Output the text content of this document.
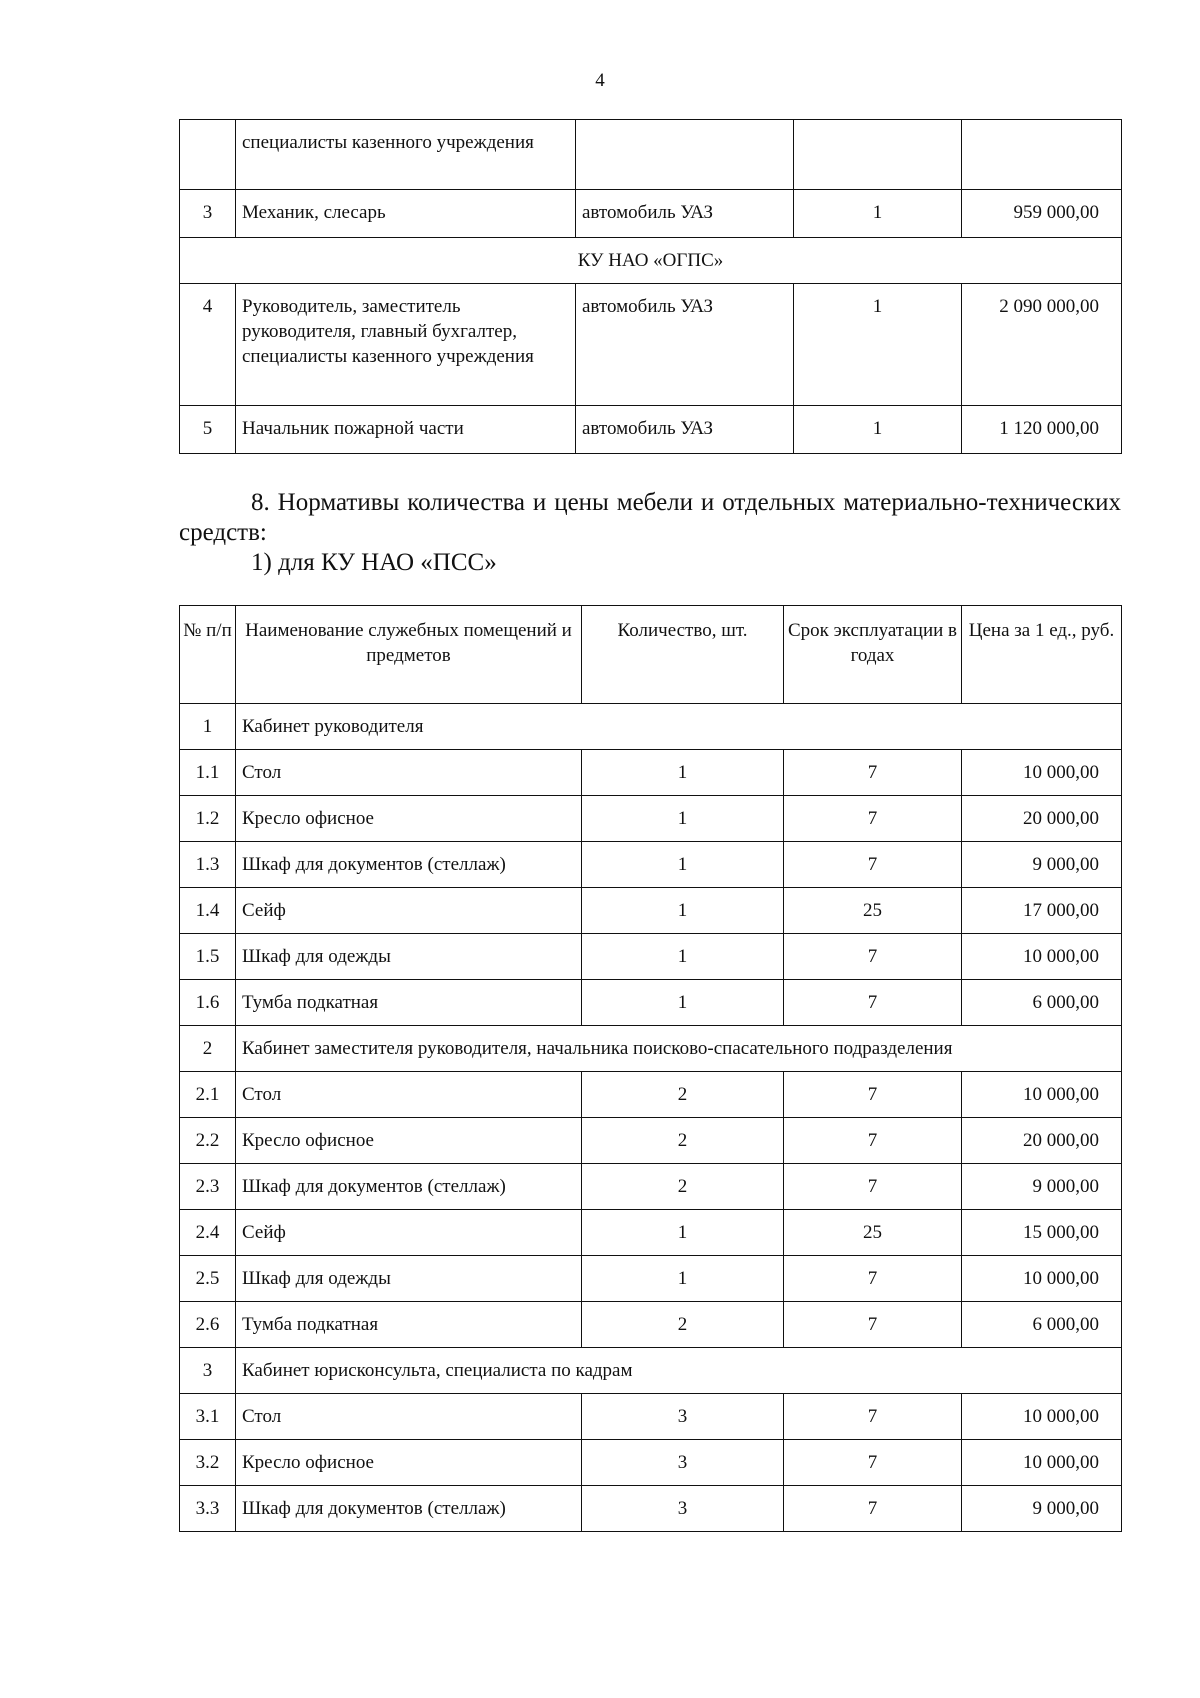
4
	специалисты казенного учреждения			
3	Механик, слесарь	автомобиль УАЗ	1	959 000,00
КУ НАО «ОГПС»				
4	Руководитель, заместитель руководителя, главный бухгалтер, специалисты казенного учреждения	автомобиль УАЗ	1	2 090 000,00
5	Начальник пожарной части	автомобиль УАЗ	1	1 120 000,00
8. Нормативы количества и цены мебели и отдельных материально-технических средств:
1) для КУ НАО «ПСС»
№ п/п	Наименование служебных помещений и предметов	Количество, шт.	Срок эксплуатации в годах	Цена за 1 ед., руб.
1	Кабинет руководителя			
1.1	Стол	1	7	10 000,00
1.2	Кресло офисное	1	7	20 000,00
1.3	Шкаф для документов (стеллаж)	1	7	9 000,00
1.4	Сейф	1	25	17 000,00
1.5	Шкаф для одежды	1	7	10 000,00
1.6	Тумба подкатная	1	7	6 000,00
2	Кабинет заместителя руководителя, начальника поисково-спасательного подразделения			
2.1	Стол	2	7	10 000,00
2.2	Кресло офисное	2	7	20 000,00
2.3	Шкаф для документов (стеллаж)	2	7	9 000,00
2.4	Сейф	1	25	15 000,00
2.5	Шкаф для одежды	1	7	10 000,00
2.6	Тумба подкатная	2	7	6 000,00
3	Кабинет юрисконсульта, специалиста по кадрам			
3.1	Стол	3	7	10 000,00
3.2	Кресло офисное	3	7	10 000,00
3.3	Шкаф для документов (стеллаж)	3	7	9 000,00
